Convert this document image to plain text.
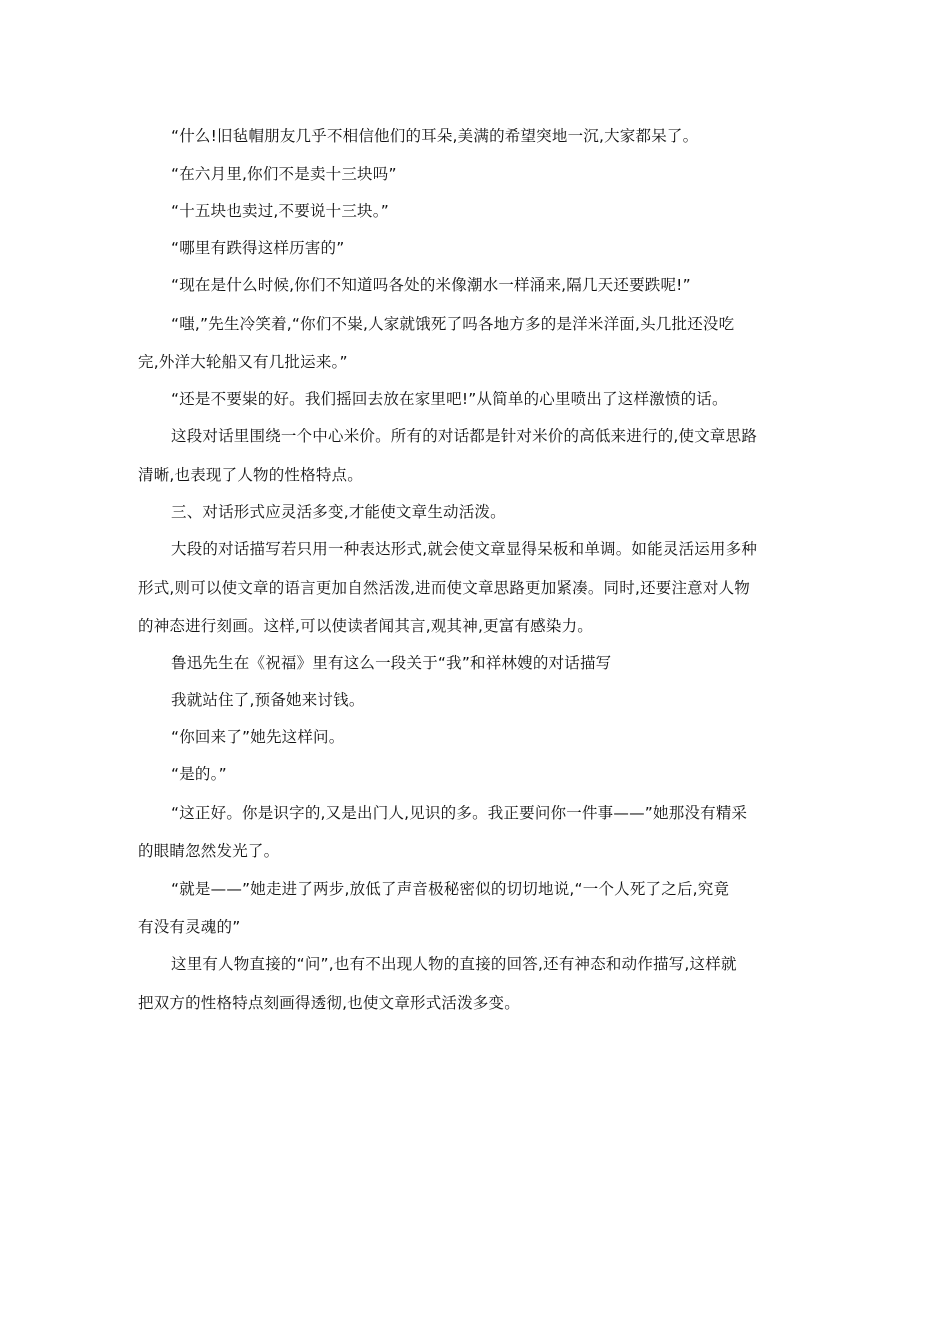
“什么!旧毡帽朋友几乎不相信他们的耳朵,美满的希望突地一沉,大家都呆了。

“在六月里,你们不是卖十三块吗”

“十五块也卖过,不要说十三块。”

“哪里有跌得这样历害的”

“现在是什么时候,你们不知道吗各处的米像潮水一样涌来,隔几天还要跌呢!”

“嗤,”先生冷笑着,“你们不粜,人家就饿死了吗各地方多的是洋米洋面,头几批还没吃

完,外洋大轮船又有几批运来。”

“还是不要粜的好。我们摇回去放在家里吧!”从简单的心里喷出了这样激愤的话。

这段对话里围绕一个中心米价。所有的对话都是针对米价的高低来进行的,使文章思路

清晰,也表现了人物的性格特点。

三、对话形式应灵活多变,才能使文章生动活泼。

大段的对话描写若只用一种表达形式,就会使文章显得呆板和单调。如能灵活运用多种

形式,则可以使文章的语言更加自然活泼,进而使文章思路更加紧凑。同时,还要注意对人物

的神态进行刻画。这样,可以使读者闻其言,观其神,更富有感染力。

鲁迅先生在《祝福》里有这么一段关于“我”和祥林嫂的对话描写

我就站住了,预备她来讨钱。

“你回来了”她先这样问。

“是的。”

“这正好。你是识字的,又是出门人,见识的多。我正要问你一件事——”她那没有精采

的眼睛忽然发光了。

“就是——”她走进了两步,放低了声音极秘密似的切切地说,“一个人死了之后,究竟

有没有灵魂的”

这里有人物直接的“问”,也有不出现人物的直接的回答,还有神态和动作描写,这样就

把双方的性格特点刻画得透彻,也使文章形式活泼多变。
